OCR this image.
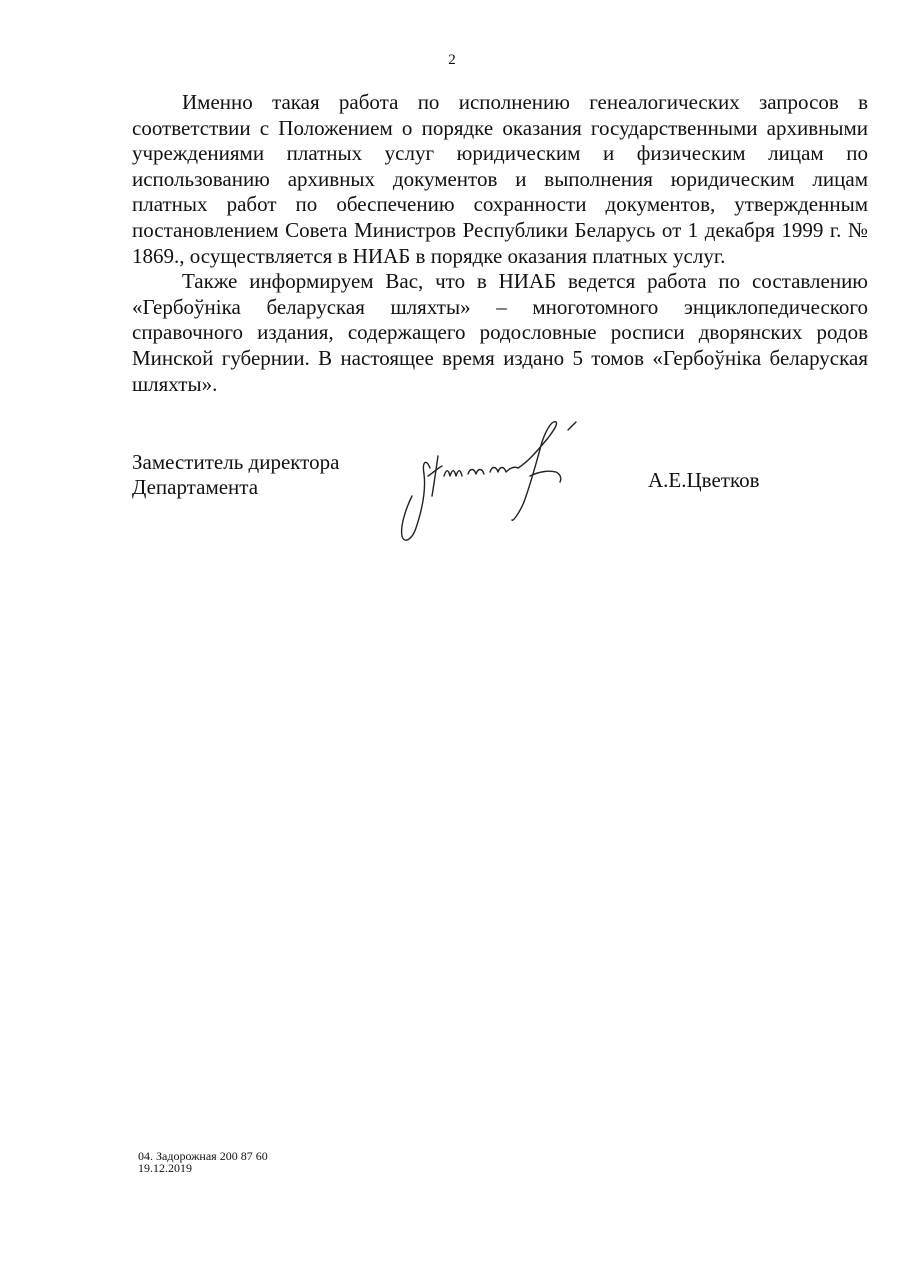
2

Именно такая работа по исполнению генеалогических запросов в соответствии с Положением о порядке оказания государственными архивными учреждениями платных услуг юридическим и физическим лицам по использованию архивных документов и выполнения юридическим лицам платных работ по обеспечению сохранности документов, утвержденным постановлением Совета Министров Республики Беларусь от 1 декабря 1999 г. № 1869., осуществляется в НИАБ в порядке оказания платных услуг.

Также информируем Вас, что в НИАБ ведется работа по составлению «Гербоўніка беларуская шляхты» – многотомного энциклопедического справочного издания, содержащего родословные росписи дворянских родов Минской губернии. В настоящее время издано 5 томов «Гербоўніка беларуская шляхты».

Заместитель директора
Департамента	А.Е.Цветков
04. Задорожная 200 87 60
19.12.2019
